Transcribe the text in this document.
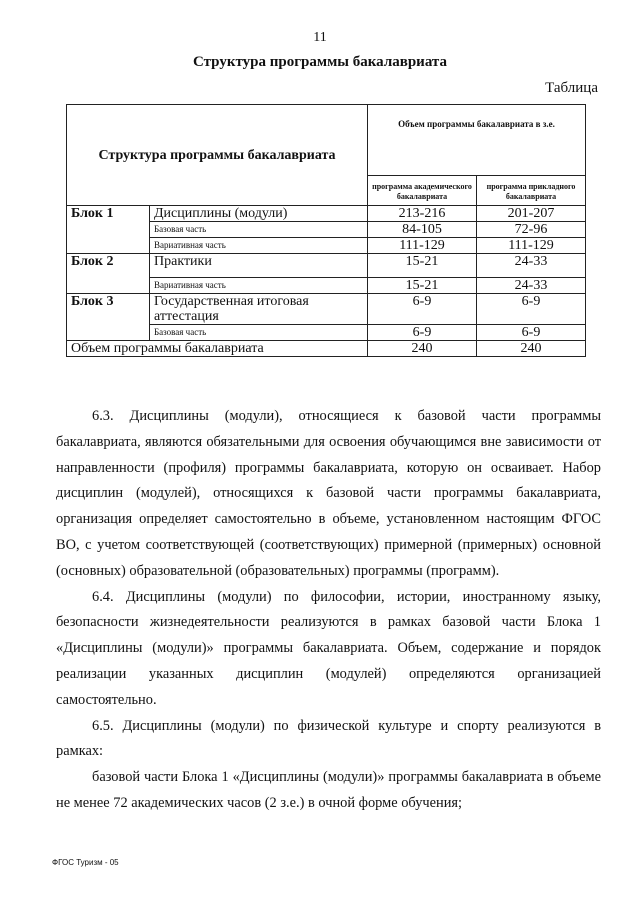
11
Структура программы бакалавриата
Таблица
Структура программы бакалавриата		Объем программы бакалавриата в з.е.	
		программа академического бакалавриата	программа прикладного бакалавриата
Блок 1	Дисциплины (модули)	213-216	201-207
	Базовая часть	84-105	72-96
	Вариативная часть	111-129	111-129
Блок 2	Практики	15-21	24-33
	Вариативная часть	15-21	24-33
Блок 3	Государственная итоговая аттестация	6-9	6-9
	Базовая часть	6-9	6-9
Объем программы бакалавриата		240	240

6.3. Дисциплины (модули), относящиеся к базовой части программы бакалавриата, являются обязательными для освоения обучающимся вне зависимости от направленности (профиля) программы бакалавриата, которую он осваивает. Набор дисциплин (модулей), относящихся к базовой части программы бакалавриата, организация определяет самостоятельно в объеме, установленном настоящим ФГОС ВО, с учетом соответствующей (соответствующих) примерной (примерных) основной (основных) образовательной (образовательных) программы (программ).

6.4. Дисциплины (модули) по философии, истории, иностранному языку, безопасности жизнедеятельности реализуются в рамках базовой части Блока 1 «Дисциплины (модули)» программы бакалавриата. Объем, содержание и порядок реализации указанных дисциплин (модулей) определяются организацией самостоятельно.

6.5. Дисциплины (модули) по физической культуре и спорту реализуются в рамках:

базовой части Блока 1 «Дисциплины (модули)» программы бакалавриата в объеме не менее 72 академических часов (2 з.е.) в очной форме обучения;

ФГОС Туризм - 05
